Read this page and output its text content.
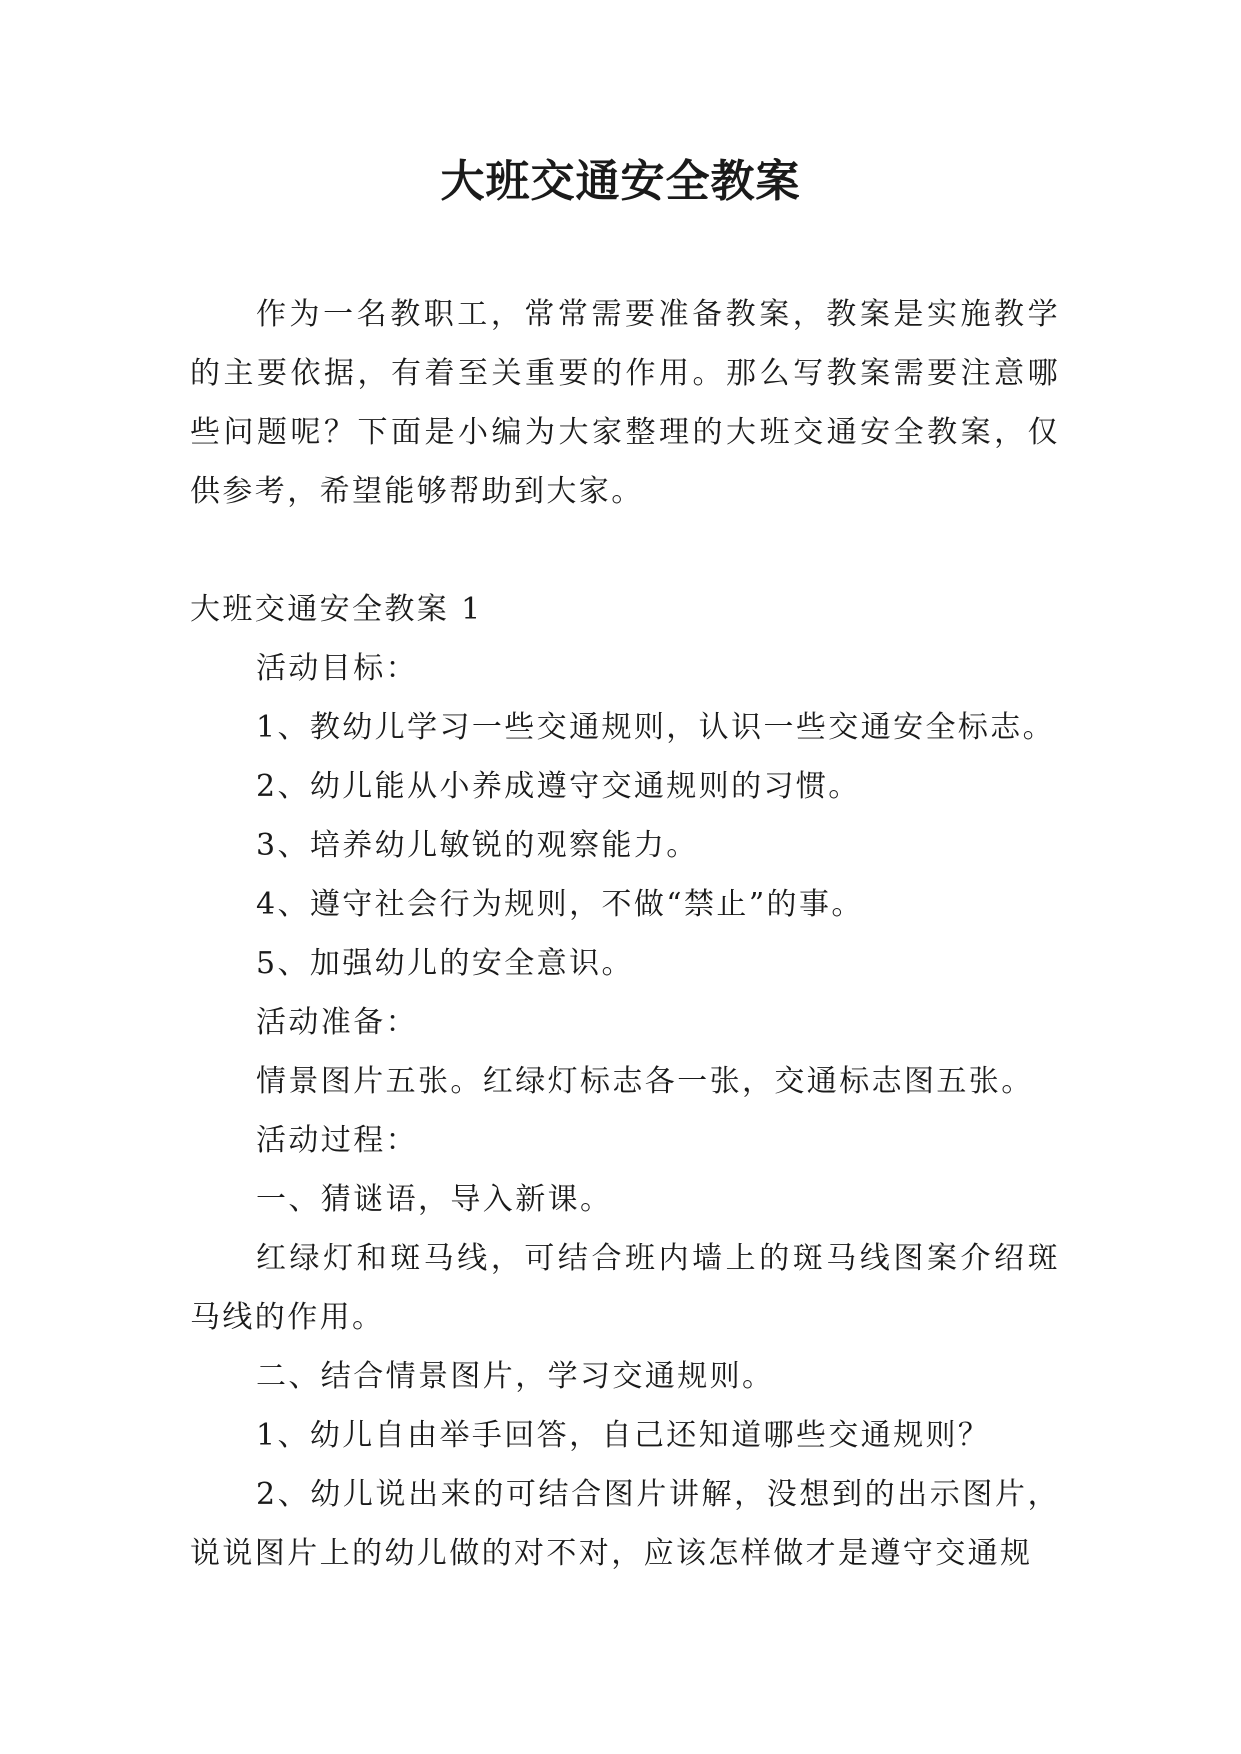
大班交通安全教案
作为一名教职工，常常需要准备教案，教案是实施教学的主要依据，有着至关重要的作用。那么写教案需要注意哪些问题呢？下面是小编为大家整理的大班交通安全教案，仅供参考，希望能够帮助到大家。

大班交通安全教案 1

活动目标：

1、教幼儿学习一些交通规则，认识一些交通安全标志。

2、幼儿能从小养成遵守交通规则的习惯。

3、培养幼儿敏锐的观察能力。

4、遵守社会行为规则，不做“禁止”的事。

5、加强幼儿的安全意识。

活动准备：

情景图片五张。红绿灯标志各一张，交通标志图五张。

活动过程：

一、猜谜语，导入新课。

红绿灯和斑马线，可结合班内墙上的斑马线图案介绍斑马线的作用。

二、结合情景图片，学习交通规则。

1、幼儿自由举手回答，自己还知道哪些交通规则？

2、幼儿说出来的可结合图片讲解，没想到的出示图片，说说图片上的幼儿做的对不对，应该怎样做才是遵守交通规
